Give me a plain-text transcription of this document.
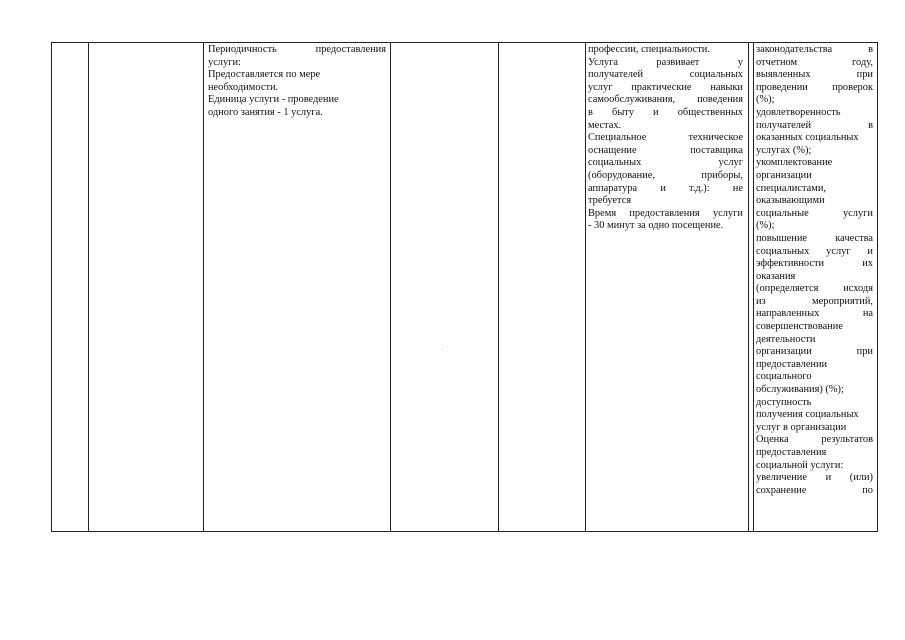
Периодичность предоставления

услуги:

Предоставляется по мере

необходимости.

Единица услуги - проведение

одного занятия - 1 услуга.

профессии, специальности.

Услуга развивает у

получателей социальных

услуг практические навыки

самообслуживания, поведения

в быту и общественных

местах.

Специальное техническое

оснащение поставщика

социальных услуг

(оборудование, приборы,

аппаратура и т.д.): не

требуется

Время предоставления услуги

- 30 минут за одно посещение.

законодательства в

отчетном году,

выявленных при

проведении проверок

(%);

удовлетворенность

получателей в

оказанных социальных

услугах (%);

укомплектование

организации

специалистами,

оказывающими

социальные услуги

(%);

повышение качества

социальных услуг и

эффективности их

оказания

(определяется исходя

из мероприятий,

направленных на

совершенствование

деятельности

организации при

предоставлении

социального

обслуживания) (%);

доступность

получения социальных

услуг в организации

Оценка результатов

предоставления

социальной услуги:

увеличение и (или)

сохранение по
